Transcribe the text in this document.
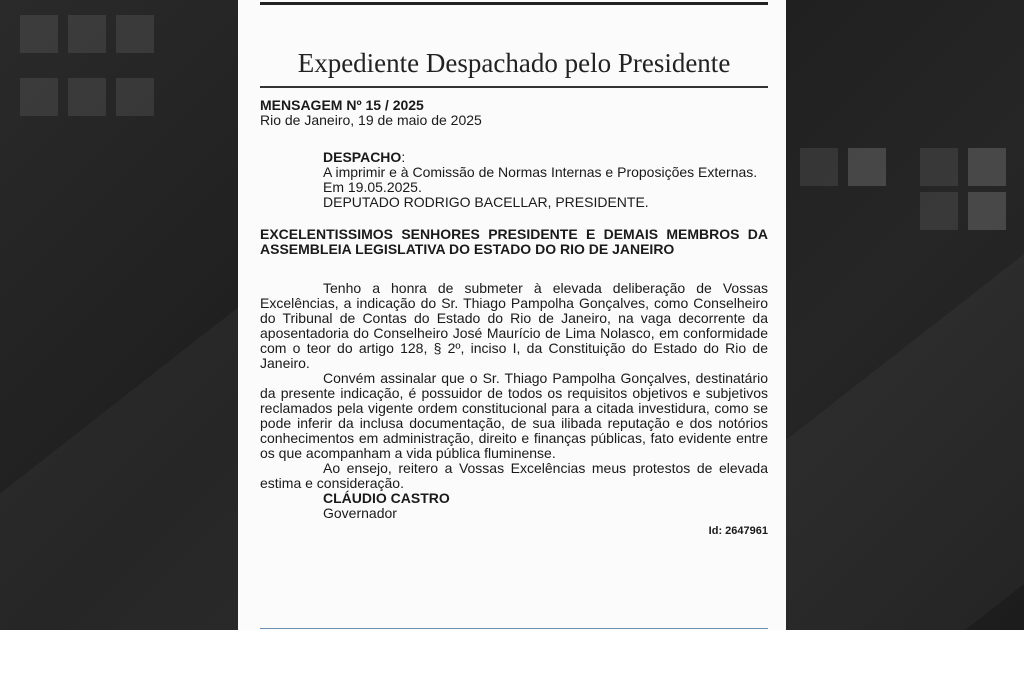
Expediente Despachado pelo Presidente

MENSAGEM Nº 15 / 2025

Rio de Janeiro, 19 de maio de 2025

DESPACHO:

A imprimir e à Comissão de Normas Internas e Proposições Externas.

Em 19.05.2025.

DEPUTADO RODRIGO BACELLAR, PRESIDENTE.

EXCELENTISSIMOS SENHORES PRESIDENTE E DEMAIS MEMBROS DA ASSEMBLEIA LEGISLATIVA DO ESTADO DO RIO DE JANEIRO

Tenho a honra de submeter à elevada deliberação de Vossas Excelências, a indicação do Sr. Thiago Pampolha Gonçalves, como Conselheiro do Tribunal de Contas do Estado do Rio de Janeiro, na vaga decorrente da aposentadoria do Conselheiro José Maurício de Lima Nolasco, em conformidade com o teor do artigo 128, § 2º, inciso I, da Constituição do Estado do Rio de Janeiro.

Convém assinalar que o Sr. Thiago Pampolha Gonçalves, destinatário da presente indicação, é possuidor de todos os requisitos objetivos e subjetivos reclamados pela vigente ordem constitucional para a citada investidura, como se pode inferir da inclusa documentação, de sua ilibada reputação e dos notórios conhecimentos em administração, direito e finanças públicas, fato evidente entre os que acompanham a vida pública fluminense.

Ao ensejo, reitero a Vossas Excelências meus protestos de elevada estima e consideração.

CLÁUDIO CASTRO

Governador

Id: 2647961
